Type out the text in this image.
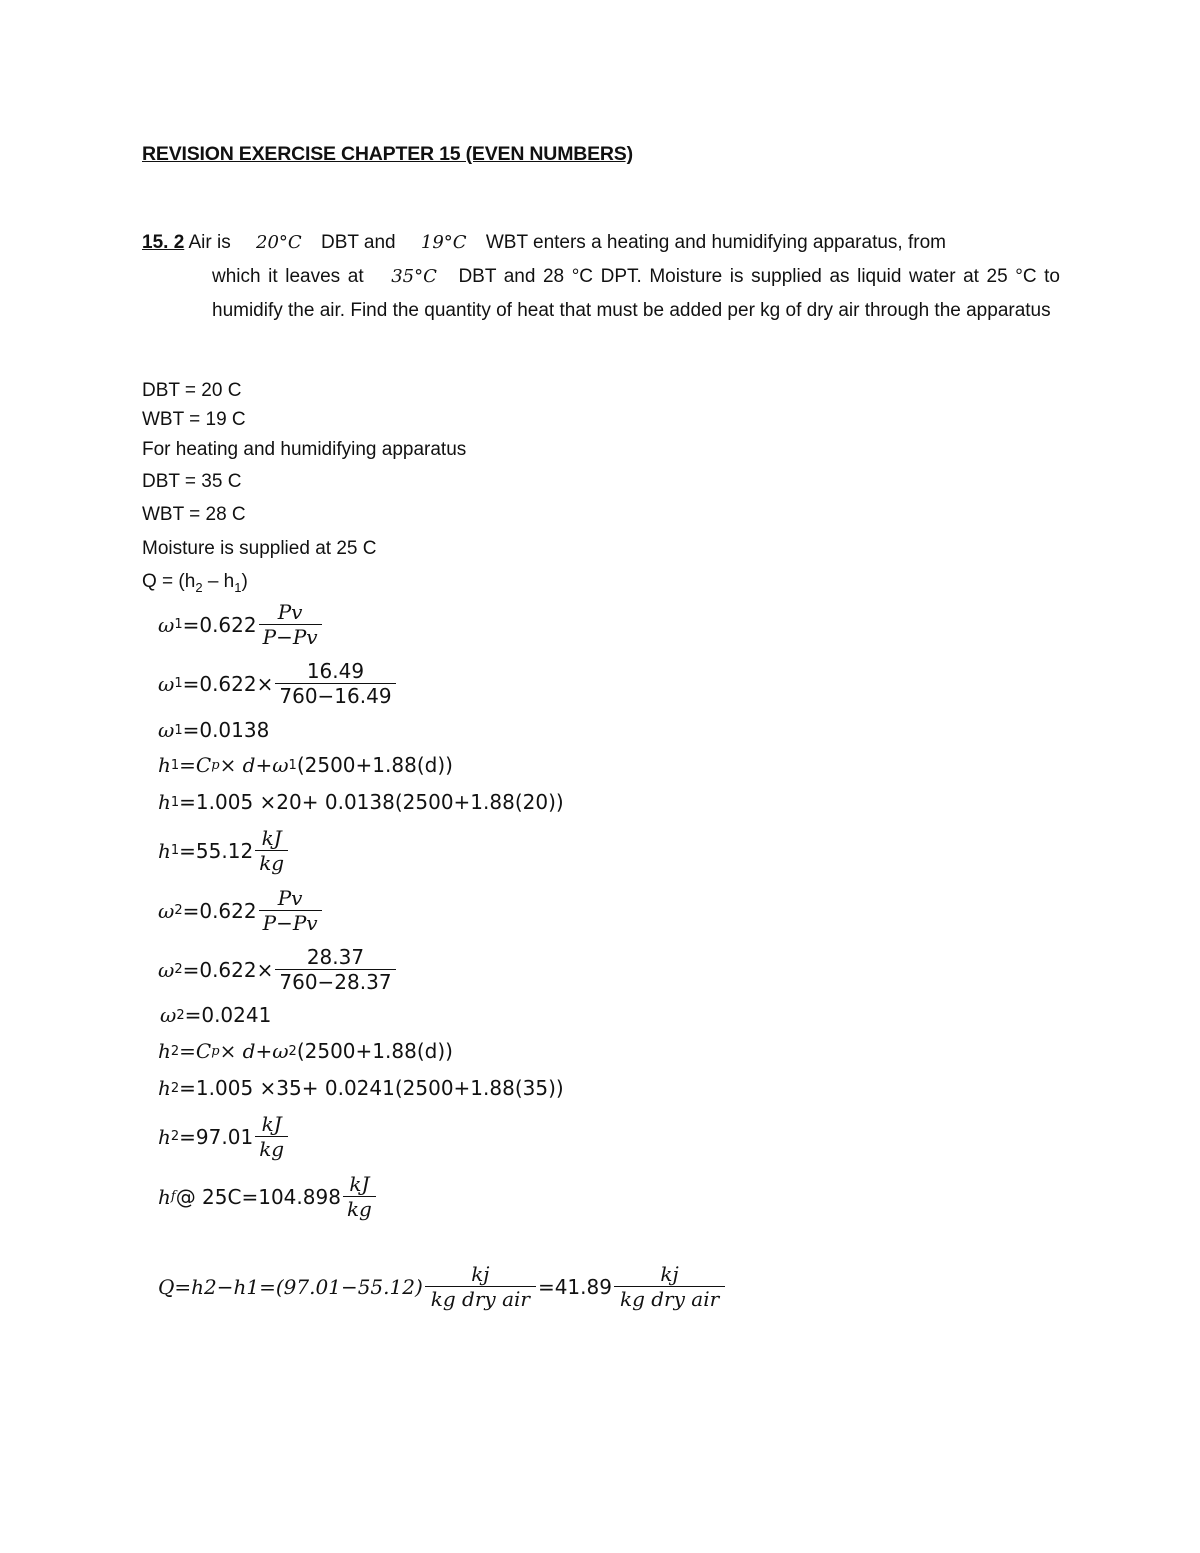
REVISION EXERCISE CHAPTER 15 (EVEN NUMBERS)
15. 2 Air is 20°C DBT and 19°C WBT enters a heating and humidifying apparatus, from
which it leaves at 35°C DBT and 28 °C DPT. Moisture is supplied as liquid water at 25 °C to humidify the air. Find the quantity of heat that must be added per kg of dry air through the apparatus
DBT = 20 C
WBT = 19 C
For heating and humidifying apparatus
DBT = 35 C
WBT = 28 C
Moisture is supplied at 25 C
$Q = (h_2 - h_1)$
ω $1 =0.622 \frac{Pv}{P-Pv}$
ω $1 =0.622\times \frac{16.49}{760-16.49}$
ω 1 =0.0138
h 1 =C p × d+ω 1 (2500+1.88(d))
h 1 =1.005 ×20+ 0.0138(2500+1.88(20))
h $1 =55.12 \frac{kJ}{kg}$
ω $2 =0.622 \frac{Pv}{P-Pv}$
ω $2 =0.622\times \frac{28.37}{760-28.37}$
ω 2 =0.0241
h 2 =C p × d+ω 2 (2500+1.88(d))
h 2 =1.005 ×35+ 0.0241(2500+1.88(35))
h $2 =97.01 \frac{kJ}{kg}$
h f @ $25C=104.898 \frac{kJ}{kg}$
$Q=h2-h1=(97.01-55.12) \frac{kj}{\text{kg dry air}} =41.89 \frac{kj}{\text{kg dry air}}$
